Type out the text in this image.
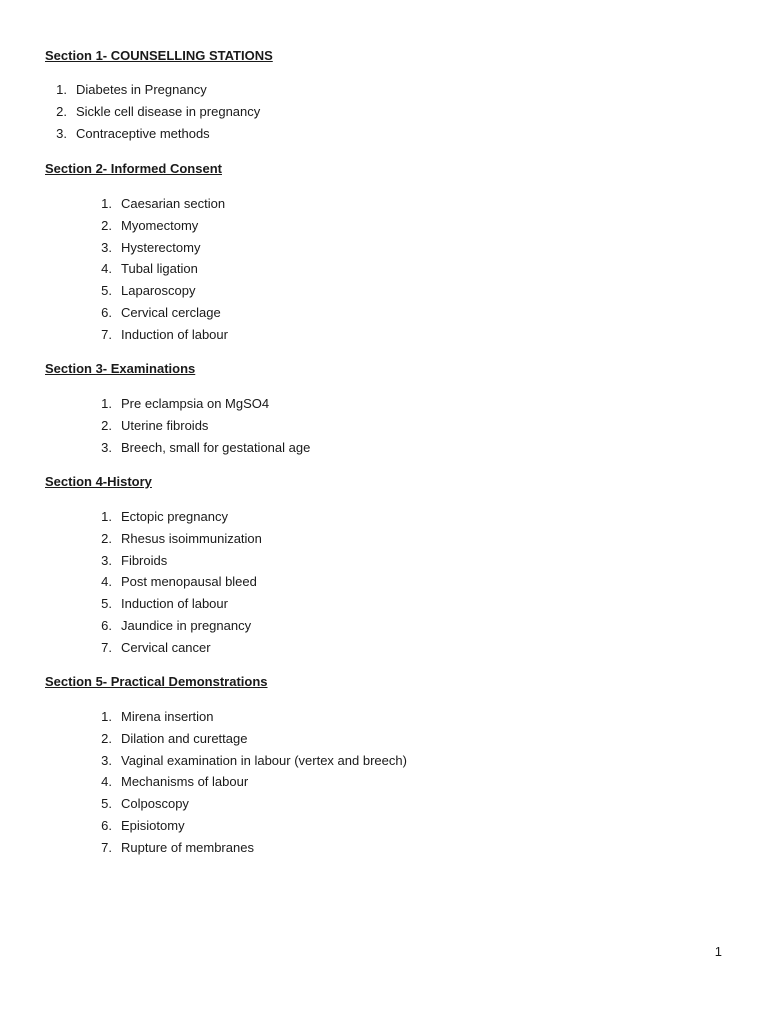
Section 1- COUNSELLING STATIONS
1. Diabetes in Pregnancy
2. Sickle cell disease in pregnancy
3. Contraceptive methods
Section 2- Informed Consent
1. Caesarian section
2. Myomectomy
3. Hysterectomy
4. Tubal ligation
5. Laparoscopy
6. Cervical cerclage
7. Induction of labour
Section 3- Examinations
1. Pre eclampsia on MgSO4
2. Uterine fibroids
3. Breech, small for gestational age
Section 4-History
1. Ectopic pregnancy
2. Rhesus isoimmunization
3. Fibroids
4. Post menopausal bleed
5. Induction of labour
6. Jaundice in pregnancy
7. Cervical cancer
Section 5- Practical Demonstrations
1. Mirena insertion
2. Dilation and curettage
3. Vaginal examination in labour (vertex and breech)
4. Mechanisms of labour
5. Colposcopy
6. Episiotomy
7. Rupture of membranes
1
